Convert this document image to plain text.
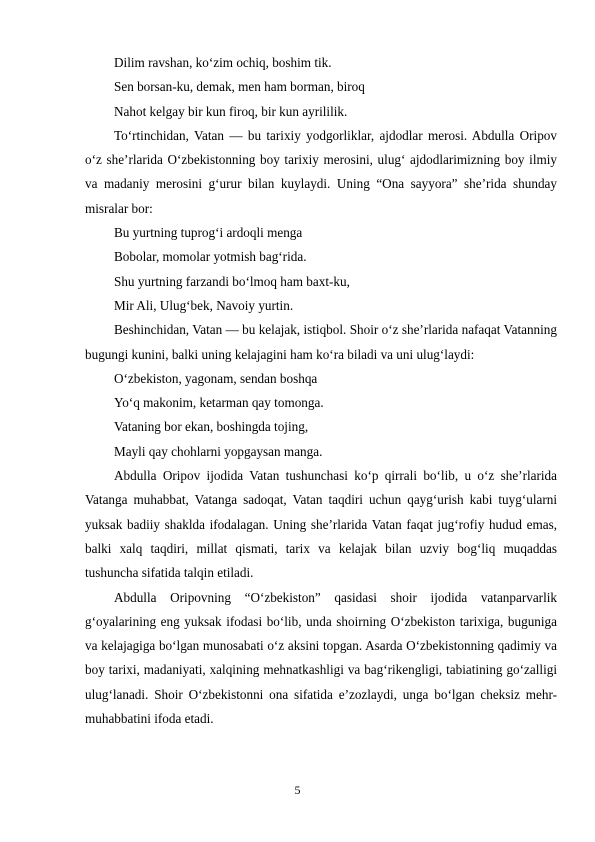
Dilim ravshan, ko‘zim ochiq, boshim tik.

Sen borsan-ku, demak, men ham borman, biroq

Nahot kelgay bir kun firoq, bir kun ayrililik.

To‘rtinchidan, Vatan — bu tarixiy yodgorliklar, ajdodlar merosi. Abdulla Oripov o‘z she’rlarida O‘zbekistonning boy tarixiy merosini, ulug‘ ajdodlarimizning boy ilmiy va madaniy merosini g‘urur bilan kuylaydi. Uning “Ona sayyora” she’rida shunday misralar bor:

Bu yurtning tuprog‘i ardoqli menga

Bobolar, momolar yotmish bag‘rida.

Shu yurtning farzandi bo‘lmoq ham baxt-ku,

Mir Ali, Ulug‘bek, Navoiy yurtin.

Beshinchidan, Vatan — bu kelajak, istiqbol. Shoir o‘z she’rlarida nafaqat Vatanning bugungi kunini, balki uning kelajagini ham ko‘ra biladi va uni ulug‘laydi:

O‘zbekiston, yagonam, sendan boshqa

Yo‘q makonim, ketarman qay tomonga.

Vataning bor ekan, boshingda tojing,

Mayli qay chohlarni yopgaysan manga.

Abdulla Oripov ijodida Vatan tushunchasi ko‘p qirrali bo‘lib, u o‘z she’rlarida Vatanga muhabbat, Vatanga sadoqat, Vatan taqdiri uchun qayg‘urish kabi tuyg‘ularni yuksak badiiy shaklda ifodalagan. Uning she’rlarida Vatan faqat jug‘rofiy hudud emas, balki xalq taqdiri, millat qismati, tarix va kelajak bilan uzviy bog‘liq muqaddas tushuncha sifatida talqin etiladi.

Abdulla Oripovning “O‘zbekiston” qasidasi shoir ijodida vatanparvarlik g‘oyalarining eng yuksak ifodasi bo‘lib, unda shoirning O‘zbekiston tarixiga, buguniga va kelajagiga bo‘lgan munosabati o‘z aksini topgan. Asarda O‘zbekistonning qadimiy va boy tarixi, madaniyati, xalqining mehnatkashligi va bag‘rikengligi, tabiatining go‘zalligi ulug‘lanadi. Shoir O‘zbekistonni ona sifatida e’zozlaydi, unga bo‘lgan cheksiz mehr-muhabbatini ifoda etadi.

5
